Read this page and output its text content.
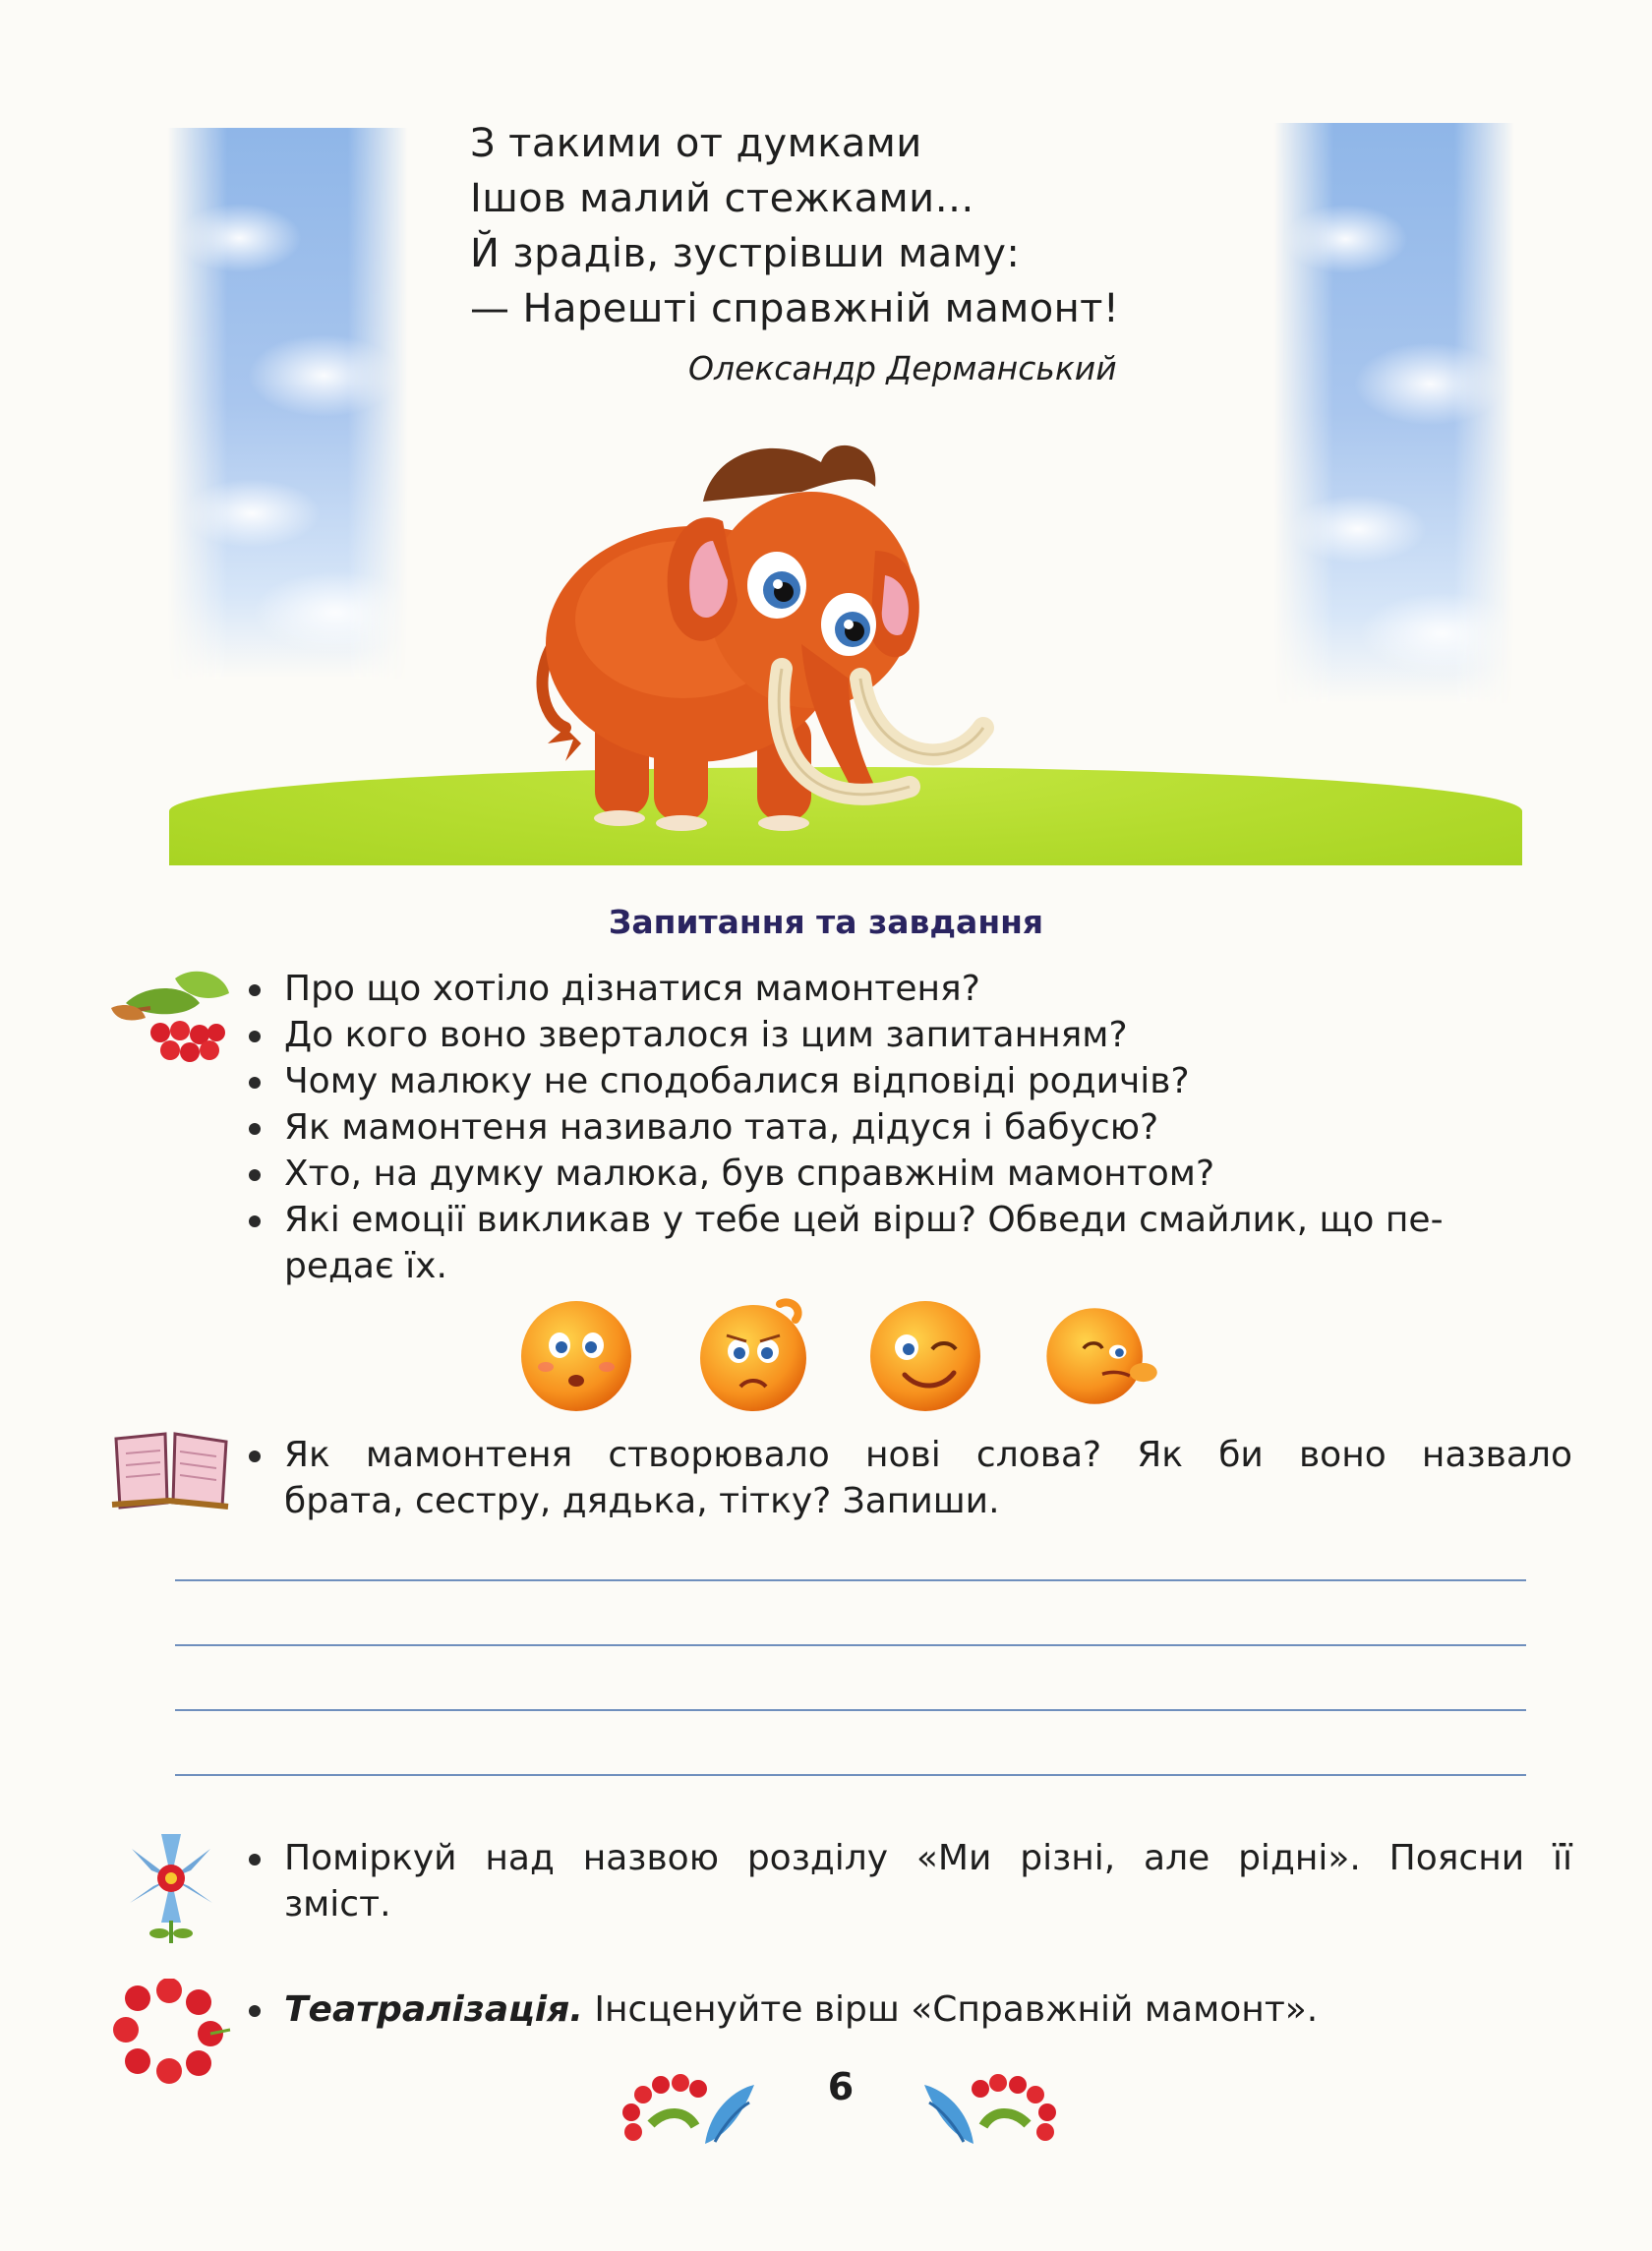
З такими от думками
Ішов малий стежками…
Й зрадів, зустрівши маму:
— Нарешті справжній мамонт!
Олександр Дерманський
Запитання та завдання
Про що хотіло дізнатися мамонтеня?
До кого воно зверталося із цим запитанням?
Чому малюку не сподобалися відповіді родичів?
Як мамонтеня називало тата, дідуся і бабусю?
Хто, на думку малюка, був справжнім мамонтом?
Які емоції викликав у тебе цей вірш? Обведи смайлик, що пе-
редає їх.
Як мамонтеня створювало нові слова? Як би воно назвало
брата, сестру, дядька, тітку? Запиши.
Поміркуй над назвою розділу «Ми різні, але рідні». Поясни її
зміст.
Театралізація. Інсценуйте вірш «Справжній мамонт».
6
